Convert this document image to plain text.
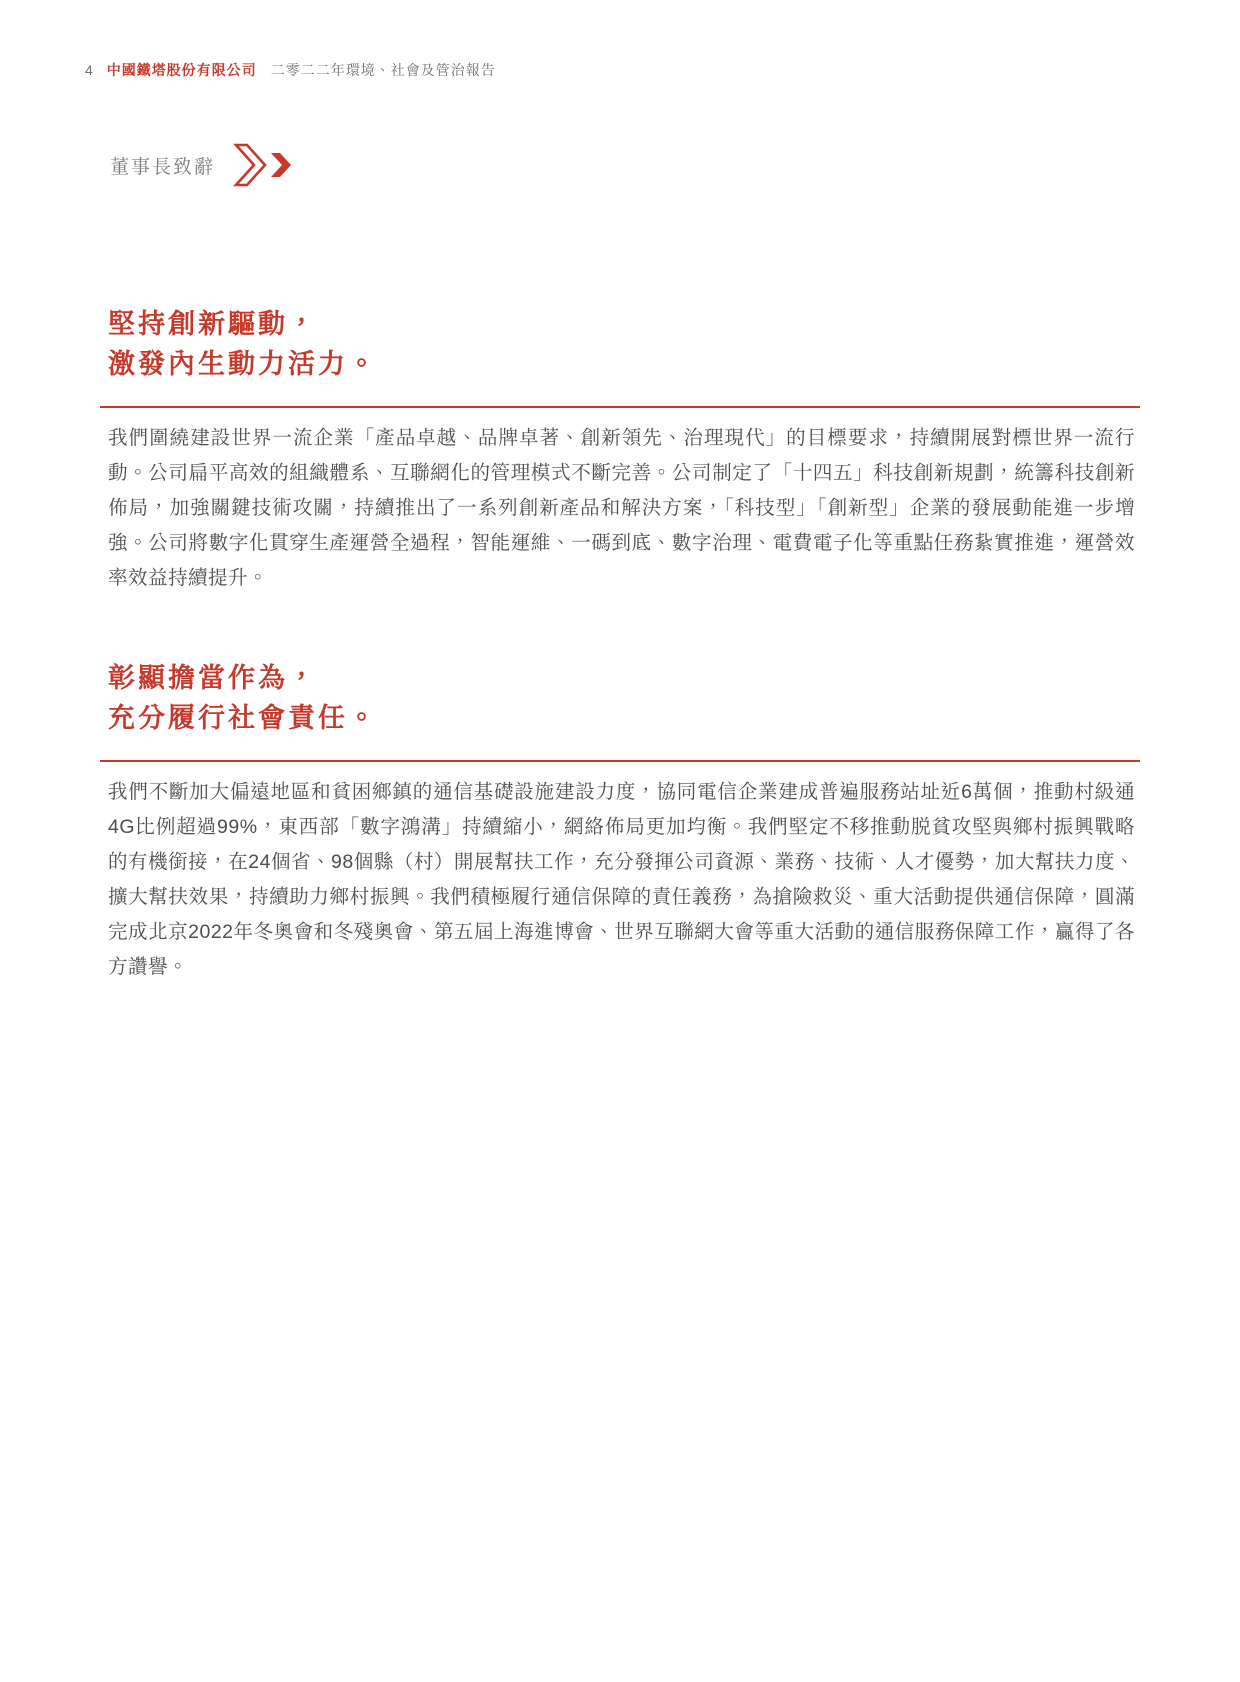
4 中國鐵塔股份有限公司 二零二二年環境、社會及管治報告
董事長致辭
堅持創新驅動，
激發內生動力活力。

我們圍繞建設世界一流企業「產品卓越、品牌卓著、創新領先、治理現代」的目標要求，持續開展對標世界一流行動。公司扁平高效的組織體系、互聯網化的管理模式不斷完善。公司制定了「十四五」科技創新規劃，統籌科技創新佈局，加強關鍵技術攻關，持續推出了一系列創新產品和解決方案，「科技型」「創新型」企業的發展動能進一步增強。公司將數字化貫穿生產運營全過程，智能運維、一碼到底、數字治理、電費電子化等重點任務紥實推進，運營效率效益持續提升。

彰顯擔當作為，
充分履行社會責任。

我們不斷加大偏遠地區和貧困鄉鎮的通信基礎設施建設力度，協同電信企業建成普遍服務站址近6萬個，推動村級通4G比例超過99%，東西部「數字鴻溝」持續縮小，網絡佈局更加均衡。我們堅定不移推動脱貧攻堅與鄉村振興戰略的有機銜接，在24個省、98個縣（村）開展幫扶工作，充分發揮公司資源、業務、技術、人才優勢，加大幫扶力度、擴大幫扶效果，持續助力鄉村振興。我們積極履行通信保障的責任義務，為搶險救災、重大活動提供通信保障，圓滿完成北京2022年冬奧會和冬殘奧會、第五屆上海進博會、世界互聯網大會等重大活動的通信服務保障工作，贏得了各方讚譽。
